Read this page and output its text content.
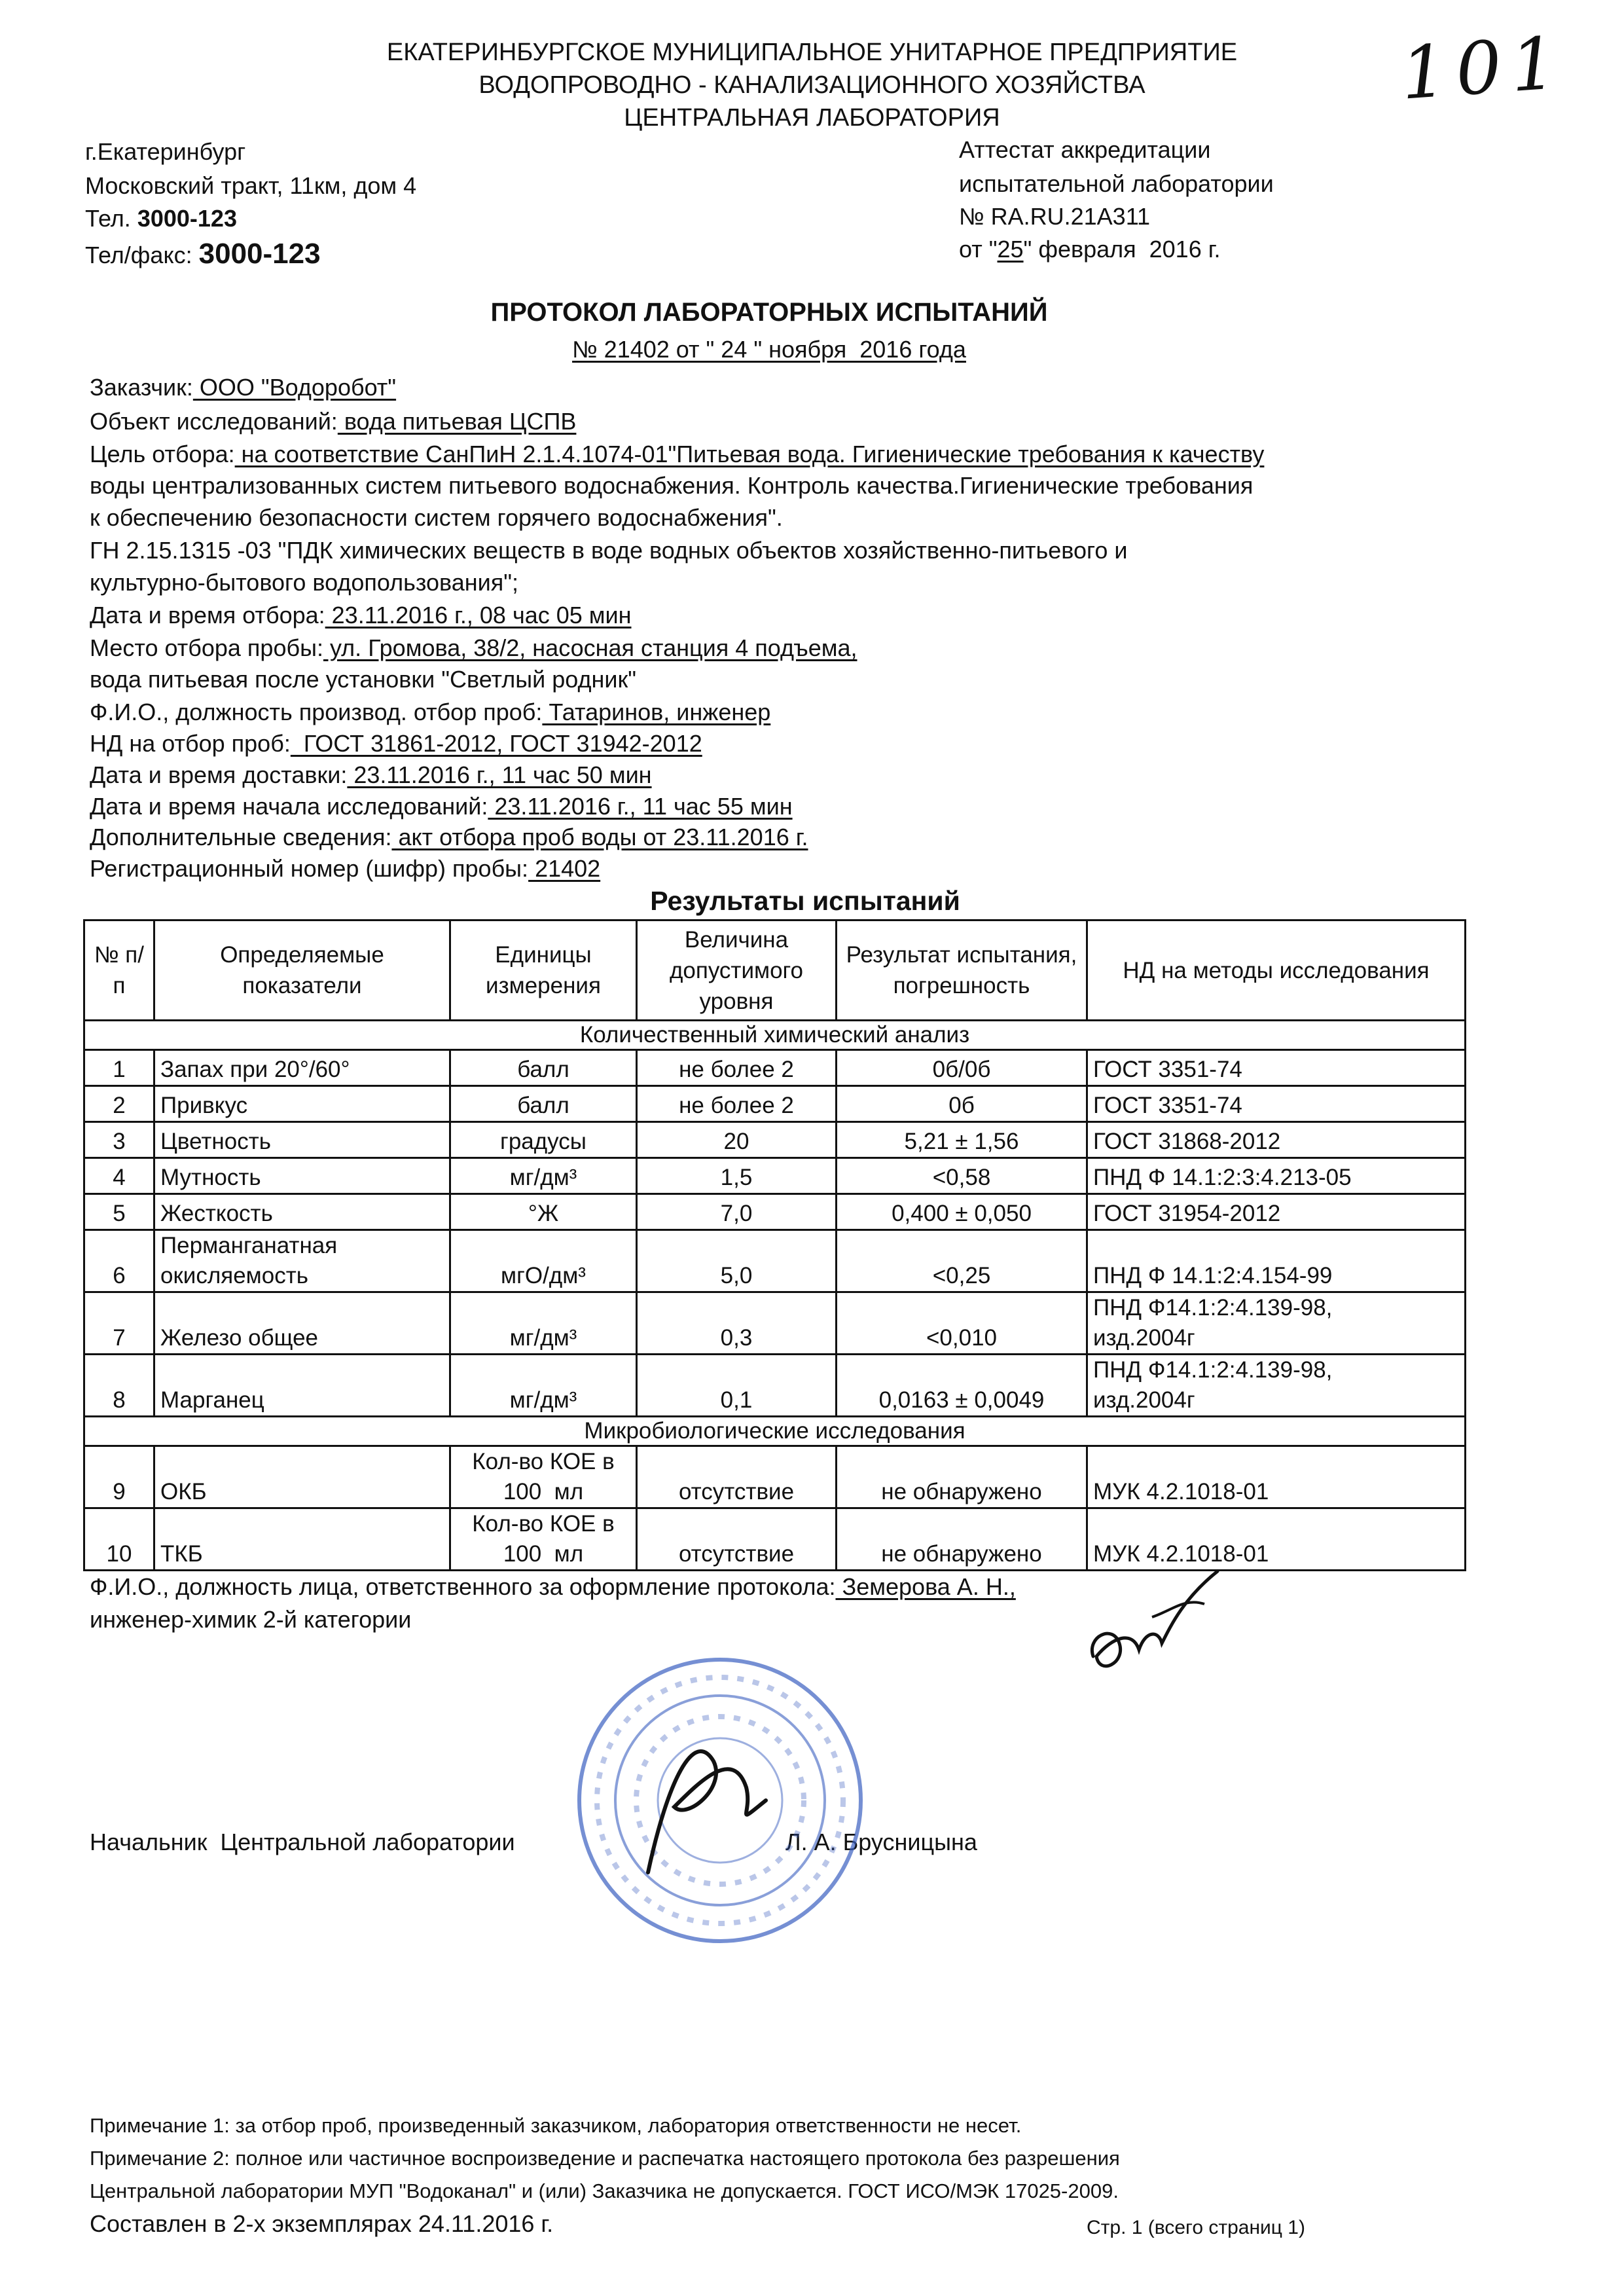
ЕКАТЕРИНБУРГСКОЕ МУНИЦИПАЛЬНОЕ УНИТАРНОЕ ПРЕДПРИЯТИЕ
ВОДОПРОВОДНО - КАНАЛИЗАЦИОННОГО ХОЗЯЙСТВА
ЦЕНТРАЛЬНАЯ ЛАБОРАТОРИЯ
101
г.Екатеринбург
Московский тракт, 11км, дом 4
Тел. 3000-123
Тел/факс: 3000-123
Аттестат аккредитации
испытательной лаборатории
№ RA.RU.21А311
от "25" февраля  2016 г.
ПРОТОКОЛ ЛАБОРАТОРНЫХ ИСПЫТАНИЙ
№ 21402 от " 24 " ноября  2016 года
Заказчик: ООО "Водоробот"
Объект исследований: вода питьевая ЦСПВ
Цель отбора: на соответствие СанПиН 2.1.4.1074-01"Питьевая вода. Гигиенические требования к качеству
воды централизованных систем питьевого водоснабжения. Контроль качества.Гигиенические требования
к обеспечению безопасности систем горячего водоснабжения".
ГН 2.15.1315 -03 "ПДК химических веществ в воде водных объектов хозяйственно-питьевого и
культурно-бытового водопользования";
Дата и время отбора: 23.11.2016 г., 08 час 05 мин
Место отбора пробы: ул. Громова, 38/2, насосная станция 4 подъема,
вода питьевая после установки "Светлый родник"
Ф.И.О., должность производ. отбор проб: Татаринов, инженер
НД на отбор проб:  ГОСТ 31861-2012, ГОСТ 31942-2012
Дата и время доставки: 23.11.2016 г., 11 час 50 мин
Дата и время начала исследований: 23.11.2016 г., 11 час 55 мин
Дополнительные сведения: акт отбора проб воды от 23.11.2016 г.
Регистрационный номер (шифр) пробы: 21402
Результаты испытаний
№ п/п	Определяемые показатели	Единицы измерения	Величина допустимого уровня	Результат испытания, погрешность	НД на методы исследования
Количественный химический анализ					
1	Запах при 20°/60°	балл	не более 2	0б/0б	ГОСТ 3351-74
2	Привкус	балл	не более 2	0б	ГОСТ 3351-74
3	Цветность	градусы	20	5,21 ± 1,56	ГОСТ 31868-2012
4	Мутность	мг/дм³	1,5	<0,58	ПНД Ф 14.1:2:3:4.213-05
5	Жесткость	°Ж	7,0	0,400 ± 0,050	ГОСТ 31954-2012
6	Перманганатная
окисляемость	мгО/дм³	5,0	<0,25	ПНД Ф 14.1:2:4.154-99
7	Железо общее	мг/дм³	0,3	<0,010	ПНД Ф14.1:2:4.139-98,
изд.2004г

8	Марганец	мг/дм³	0,1	0,0163 ± 0,0049	ПНД Ф14.1:2:4.139-98,
изд.2004г

Микробиологические исследования					
9	ОКБ	Кол-во КОЕ в
100  мл	отсутствие	не обнаружено	МУК 4.2.1018-01
10	ТКБ	Кол-во КОЕ в
100  мл	отсутствие	не обнаружено	МУК 4.2.1018-01
Ф.И.О., должность лица, ответственного за оформление протокола: Земерова А. Н.,
инженер-химик 2-й категории
Начальник  Центральной лаборатории	Л. А. Брусницына
Примечание 1: за отбор проб, произведенный заказчиком, лаборатория ответственности не несет.
Примечание 2: полное или частичное воспроизведение и распечатка настоящего протокола без разрешения
Центральной лаборатории МУП "Водоканал" и (или) Заказчика не допускается. ГОСТ ИСО/МЭК 17025-2009.
Составлен в 2-х экземплярах 24.11.2016 г.	Стр. 1 (всего страниц 1)
